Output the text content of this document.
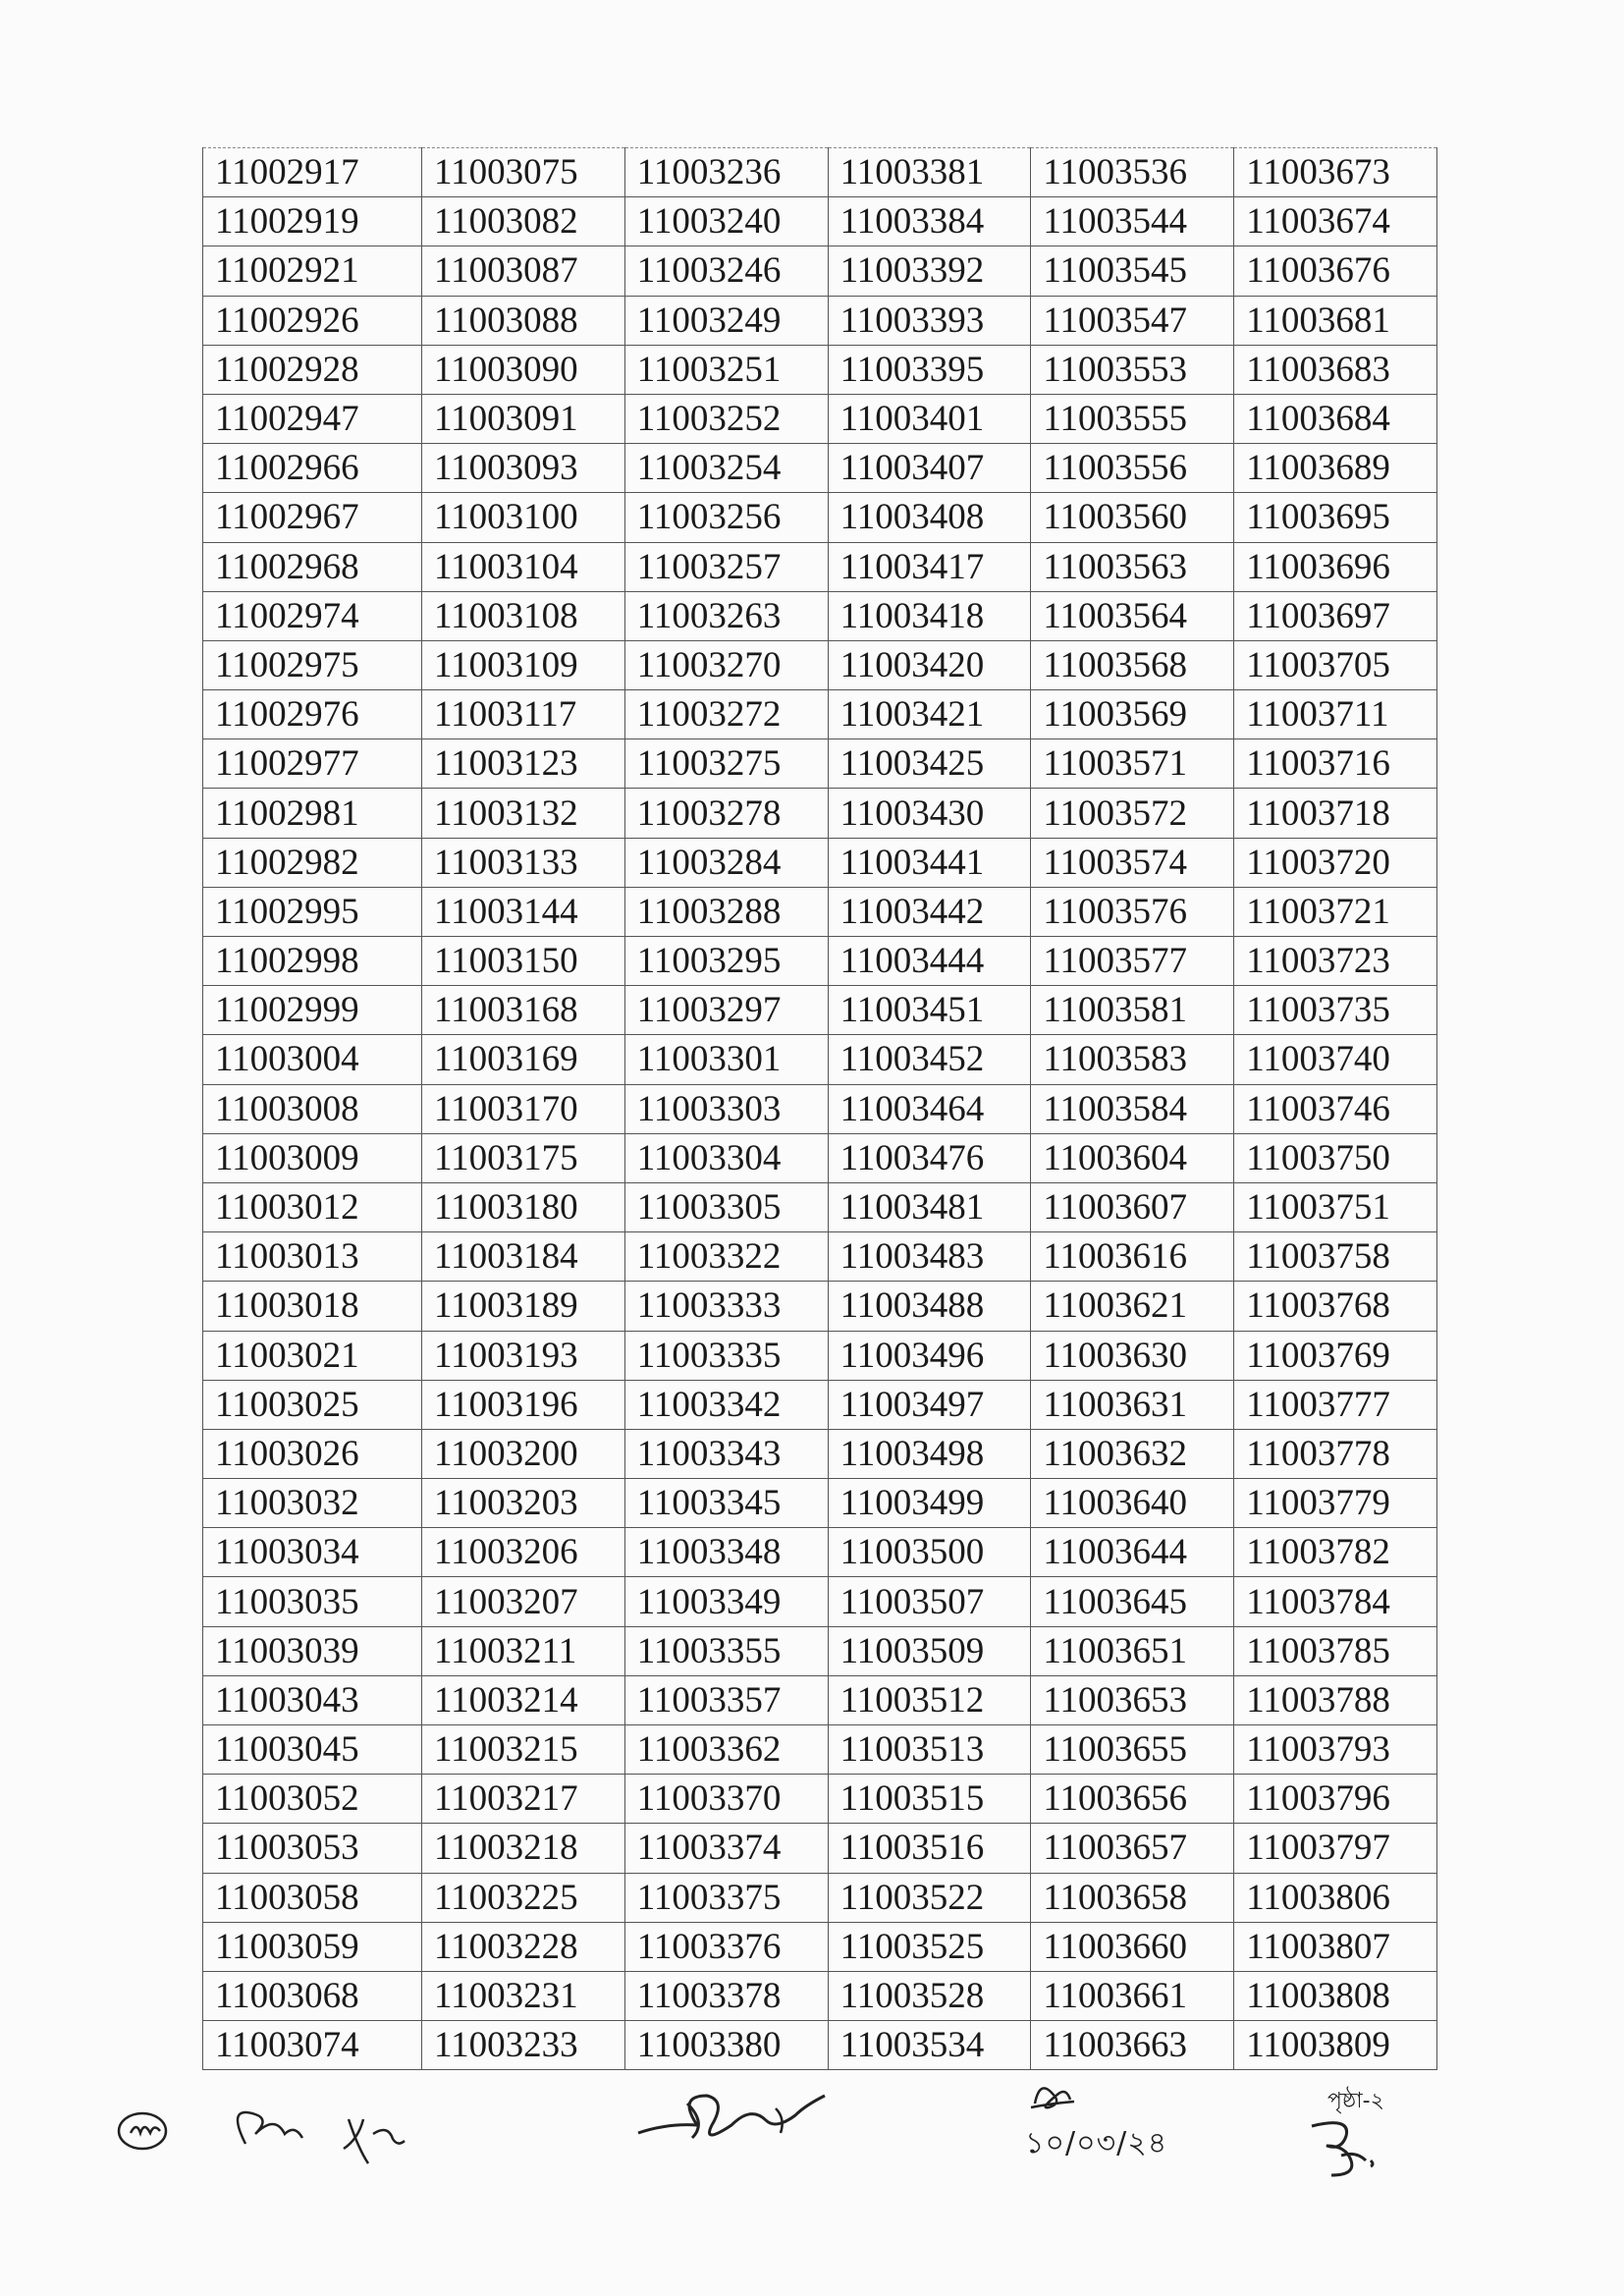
11002917	11003075	11003236	11003381	11003536	11003673
11002919	11003082	11003240	11003384	11003544	11003674
11002921	11003087	11003246	11003392	11003545	11003676
11002926	11003088	11003249	11003393	11003547	11003681
11002928	11003090	11003251	11003395	11003553	11003683
11002947	11003091	11003252	11003401	11003555	11003684
11002966	11003093	11003254	11003407	11003556	11003689
11002967	11003100	11003256	11003408	11003560	11003695
11002968	11003104	11003257	11003417	11003563	11003696
11002974	11003108	11003263	11003418	11003564	11003697
11002975	11003109	11003270	11003420	11003568	11003705
11002976	11003117	11003272	11003421	11003569	11003711
11002977	11003123	11003275	11003425	11003571	11003716
11002981	11003132	11003278	11003430	11003572	11003718
11002982	11003133	11003284	11003441	11003574	11003720
11002995	11003144	11003288	11003442	11003576	11003721
11002998	11003150	11003295	11003444	11003577	11003723
11002999	11003168	11003297	11003451	11003581	11003735
11003004	11003169	11003301	11003452	11003583	11003740
11003008	11003170	11003303	11003464	11003584	11003746
11003009	11003175	11003304	11003476	11003604	11003750
11003012	11003180	11003305	11003481	11003607	11003751
11003013	11003184	11003322	11003483	11003616	11003758
11003018	11003189	11003333	11003488	11003621	11003768
11003021	11003193	11003335	11003496	11003630	11003769
11003025	11003196	11003342	11003497	11003631	11003777
11003026	11003200	11003343	11003498	11003632	11003778
11003032	11003203	11003345	11003499	11003640	11003779
11003034	11003206	11003348	11003500	11003644	11003782
11003035	11003207	11003349	11003507	11003645	11003784
11003039	11003211	11003355	11003509	11003651	11003785
11003043	11003214	11003357	11003512	11003653	11003788
11003045	11003215	11003362	11003513	11003655	11003793
11003052	11003217	11003370	11003515	11003656	11003796
11003053	11003218	11003374	11003516	11003657	11003797
11003058	11003225	11003375	11003522	11003658	11003806
11003059	11003228	11003376	11003525	11003660	11003807
11003068	11003231	11003378	11003528	11003661	11003808
11003074	11003233	11003380	11003534	11003663	11003809
পৃষ্ঠা-২
১০/০৩/২৪
